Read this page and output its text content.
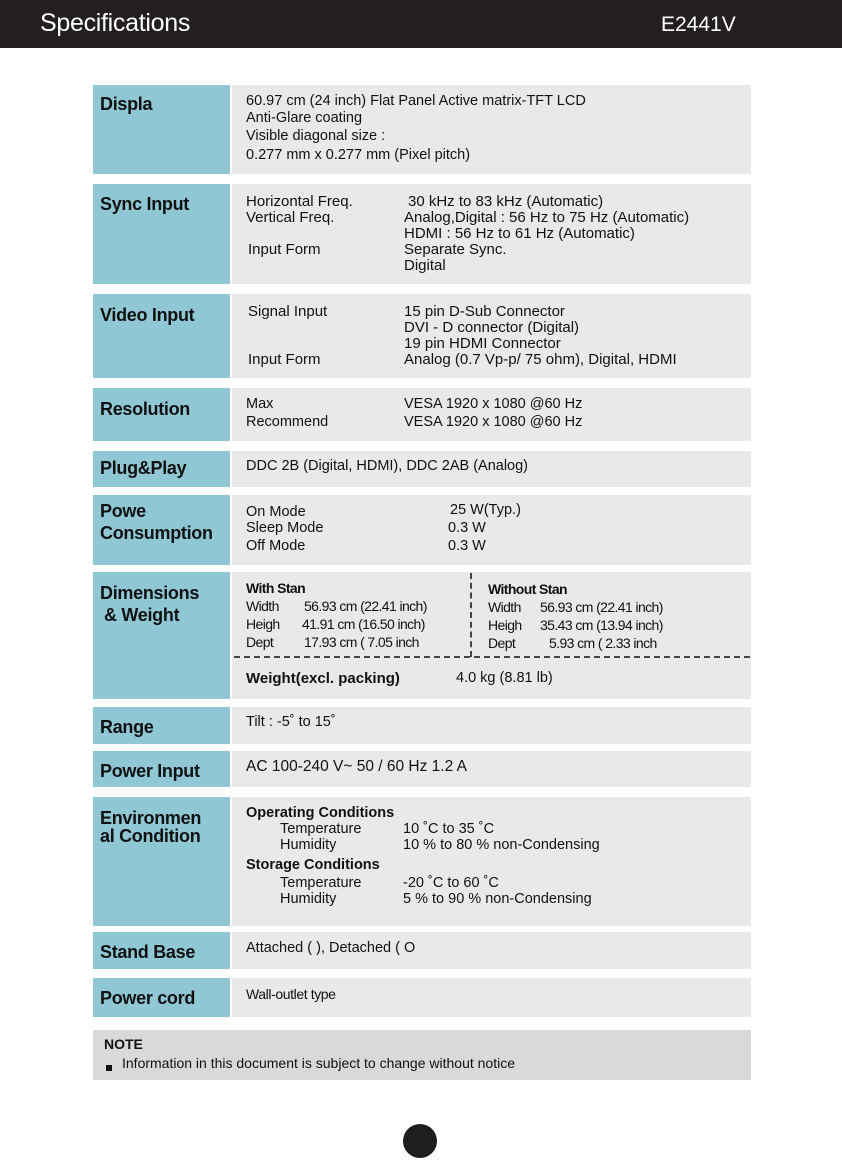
Specifications	E2441V
Displa	60.97 cm (24 inch) Flat Panel Active matrix-TFT LCD
Anti-Glare coating
Visible diagonal size :
0.277 mm x 0.277 mm (Pixel pitch)
Sync Input	Horizontal Freq.	30 kHz to 83 kHz (Automatic)
Vertical Freq.	Analog,Digital : 56 Hz to 75 Hz (Automatic)
HDMI : 56 Hz to 61 Hz (Automatic)
Input Form	Separate Sync.
Digital
Video Input	Signal Input	15 pin D-Sub Connector
DVI - D connector (Digital)
19 pin HDMI Connector
Input Form	Analog (0.7 Vp-p/ 75 ohm), Digital, HDMI
Resolution	Max	VESA 1920 x 1080 @60 Hz
Recommend	VESA 1920 x 1080 @60 Hz
Plug&Play	DDC 2B (Digital, HDMI), DDC 2AB (Analog)
Powe
Consumption
On Mode	25 W(Typ.)
Sleep Mode	0.3 W
Off Mode	0.3 W
Dimensions
& Weight
With Stan
Width 56.93 cm (22.41 inch)
Heigh 41.91 cm (16.50 inch)
Dept 17.93 cm ( 7.05 inch
Without Stan
Width 56.93 cm (22.41 inch)
Heigh 35.43 cm (13.94 inch)
Dept 5.93 cm ( 2.33 inch
Weight(excl. packing)	4.0 kg (8.81 lb)
Range	Tilt : -5˚ to 15˚
Power Input	AC 100-240 V~ 50 / 60 Hz 1.2 A
Environmen
al Condition
Operating Conditions
Temperature	10 ˚C to 35 ˚C
Humidity	10 % to 80 % non-Condensing
Storage Conditions
Temperature	-20 ˚C to 60 ˚C
Humidity	5 % to 90 % non-Condensing
Stand Base	Attached ( ), Detached ( O
Power cord	Wall-outlet type
NOTE
Information in this document is subject to change without notice
